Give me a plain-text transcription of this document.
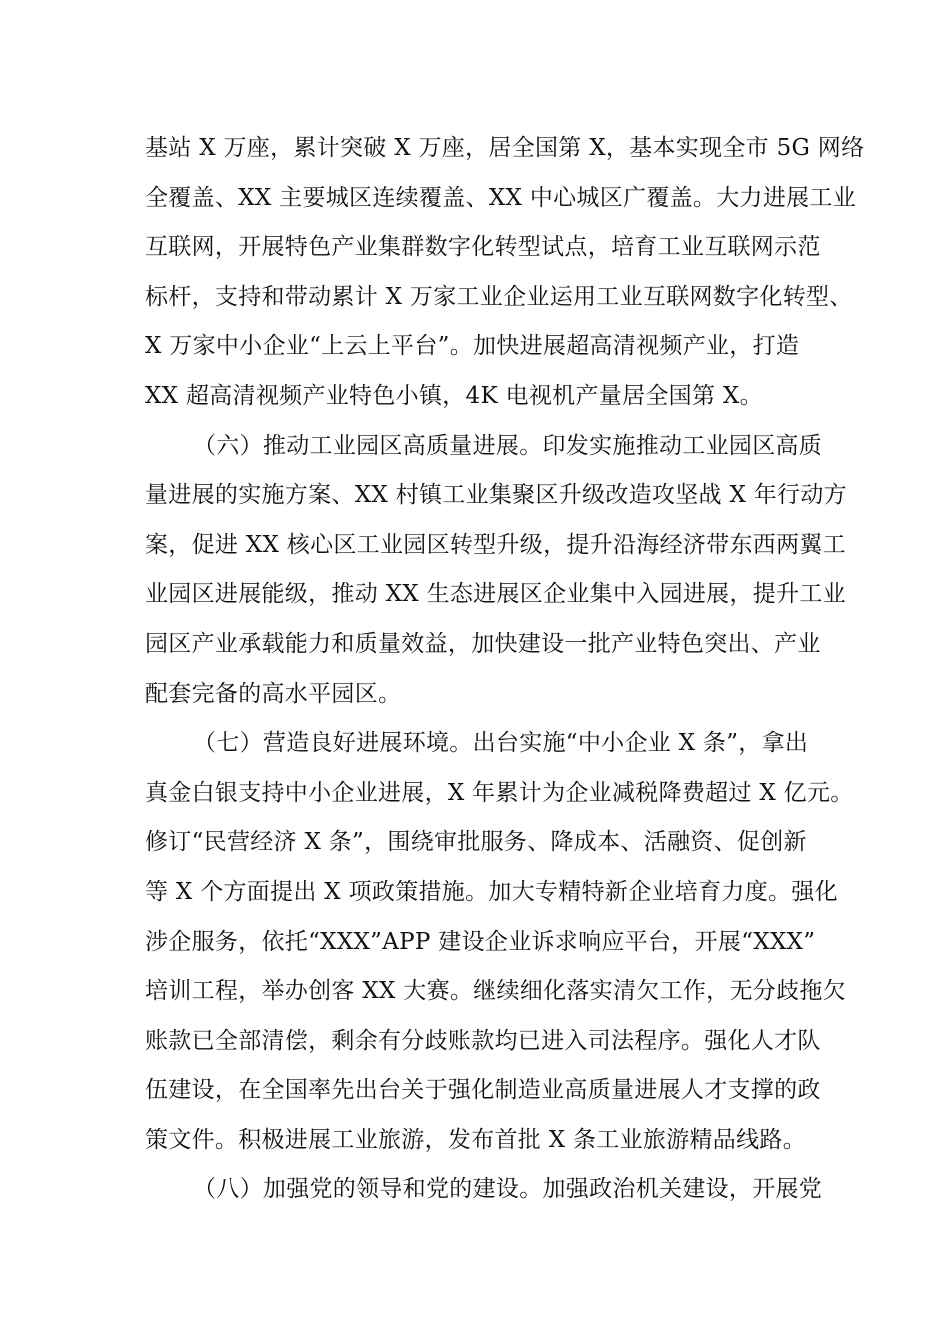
基站 X 万座，累计突破 X 万座，居全国第 X，基本实现全市 5G 网络
全覆盖、XX 主要城区连续覆盖、XX 中心城区广覆盖。大力进展工业
互联网，开展特色产业集群数字化转型试点，培育工业互联网示范
标杆，支持和带动累计 X 万家工业企业运用工业互联网数字化转型、
X 万家中小企业“上云上平台”。加快进展超高清视频产业，打造
XX 超高清视频产业特色小镇，4K 电视机产量居全国第 X。
（六）推动工业园区高质量进展。印发实施推动工业园区高质
量进展的实施方案、XX 村镇工业集聚区升级改造攻坚战 X 年行动方
案，促进 XX 核心区工业园区转型升级，提升沿海经济带东西两翼工
业园区进展能级，推动 XX 生态进展区企业集中入园进展，提升工业
园区产业承载能力和质量效益，加快建设一批产业特色突出、产业
配套完备的高水平园区。
（七）营造良好进展环境。出台实施“中小企业 X 条”，拿出
真金白银支持中小企业进展，X 年累计为企业减税降费超过 X 亿元。
修订“民营经济 X 条”，围绕审批服务、降成本、活融资、促创新
等 X 个方面提出 X 项政策措施。加大专精特新企业培育力度。强化
涉企服务，依托“XXX”APP 建设企业诉求响应平台，开展“XXX”
培训工程，举办创客 XX 大赛。继续细化落实清欠工作，无分歧拖欠
账款已全部清偿，剩余有分歧账款均已进入司法程序。强化人才队
伍建设，在全国率先出台关于强化制造业高质量进展人才支撑的政
策文件。积极进展工业旅游，发布首批 X 条工业旅游精品线路。
（八）加强党的领导和党的建设。加强政治机关建设，开展党
